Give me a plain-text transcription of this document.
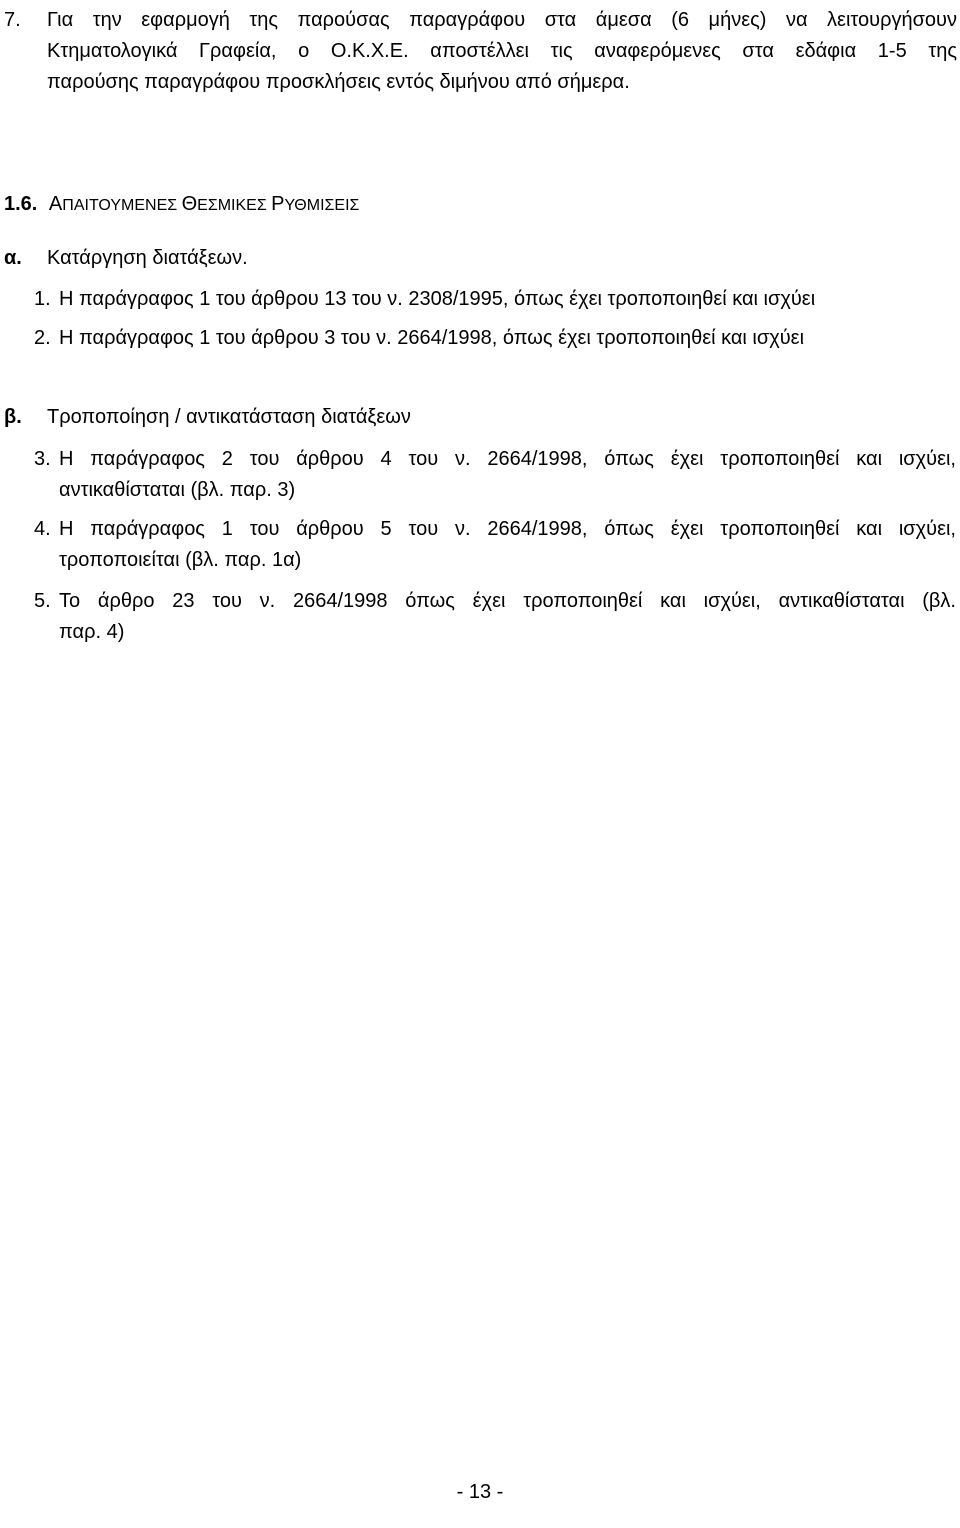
7. Για την εφαρμογή της παρούσας παραγράφου στα άμεσα (6 μήνες) να λειτουργήσουν
Κτηματολογικά Γραφεία, ο Ο.Κ.Χ.Ε. αποστέλλει τις αναφερόμενες στα εδάφια 1-5 της
παρούσης παραγράφου προσκλήσεις εντός διμήνου από σήμερα.
1.6. ΑΠΑΙΤΟΥΜΕΝΕΣ ΘΕΣΜΙΚΕΣ ΡΥΘΜΙΣΕΙΣ
α. Κατάργηση διατάξεων.
1. Η παράγραφος 1 του άρθρου 13 του ν. 2308/1995, όπως έχει τροποποιηθεί και ισχύει
2. Η παράγραφος 1 του άρθρου 3 του ν. 2664/1998, όπως έχει τροποποιηθεί και ισχύει
β. Τροποποίηση / αντικατάσταση διατάξεων
3. Η παράγραφος 2 του άρθρου 4 του ν. 2664/1998, όπως έχει τροποποιηθεί και ισχύει,
αντικαθίσταται (βλ. παρ. 3)
4. Η παράγραφος 1 του άρθρου 5 του ν. 2664/1998, όπως έχει τροποποιηθεί και ισχύει,
τροποποιείται (βλ. παρ. 1α)
5. Το άρθρο 23 του ν. 2664/1998 όπως έχει τροποποιηθεί και ισχύει, αντικαθίσταται (βλ.
παρ. 4)
- 13 -
